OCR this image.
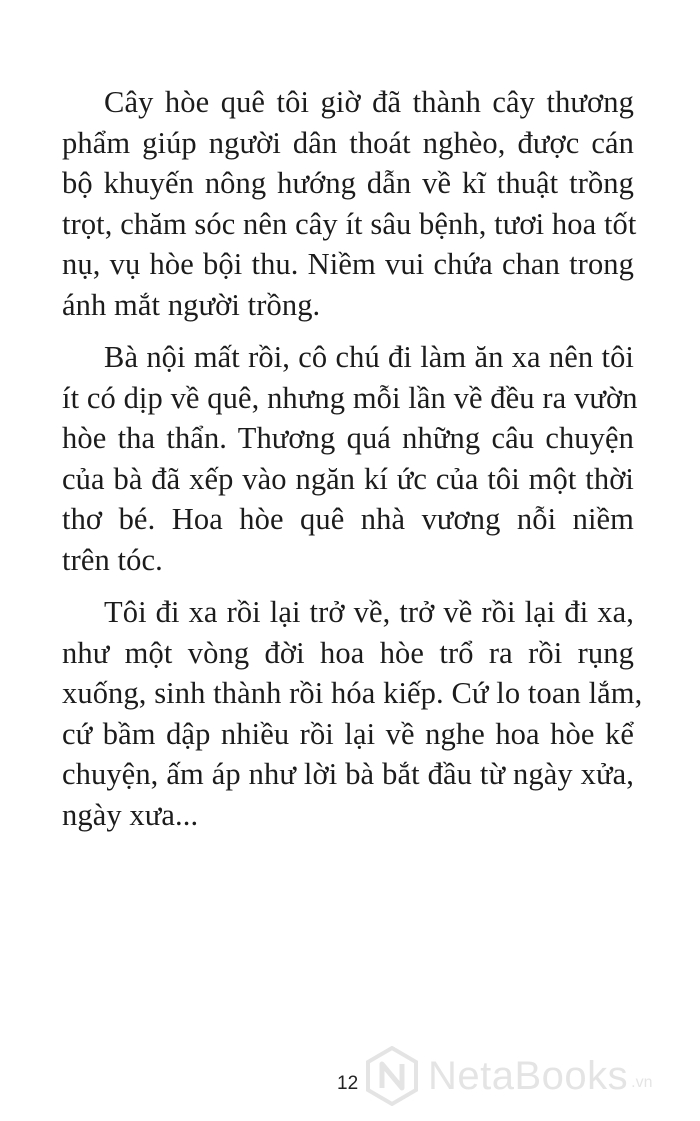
Cây hòe quê tôi giờ đã thành cây thương
phẩm giúp người dân thoát nghèo, được cán
bộ khuyến nông hướng dẫn về kĩ thuật trồng
trọt, chăm sóc nên cây ít sâu bệnh, tươi hoa tốt
nụ, vụ hòe bội thu. Niềm vui chứa chan trong
ánh mắt người trồng.

Bà nội mất rồi, cô chú đi làm ăn xa nên tôi
ít có dịp về quê, nhưng mỗi lần về đều ra vườn
hòe tha thẩn. Thương quá những câu chuyện
của bà đã xếp vào ngăn kí ức của tôi một thời
thơ bé. Hoa hòe quê nhà vương nỗi niềm
trên tóc.

Tôi đi xa rồi lại trở về, trở về rồi lại đi xa,
như một vòng đời hoa hòe trổ ra rồi rụng
xuống, sinh thành rồi hóa kiếp. Cứ lo toan lắm,
cứ bầm dập nhiều rồi lại về nghe hoa hòe kể
chuyện, ấm áp như lời bà bắt đầu từ ngày xửa,
ngày xưa...

12 NetaBooks .vn
